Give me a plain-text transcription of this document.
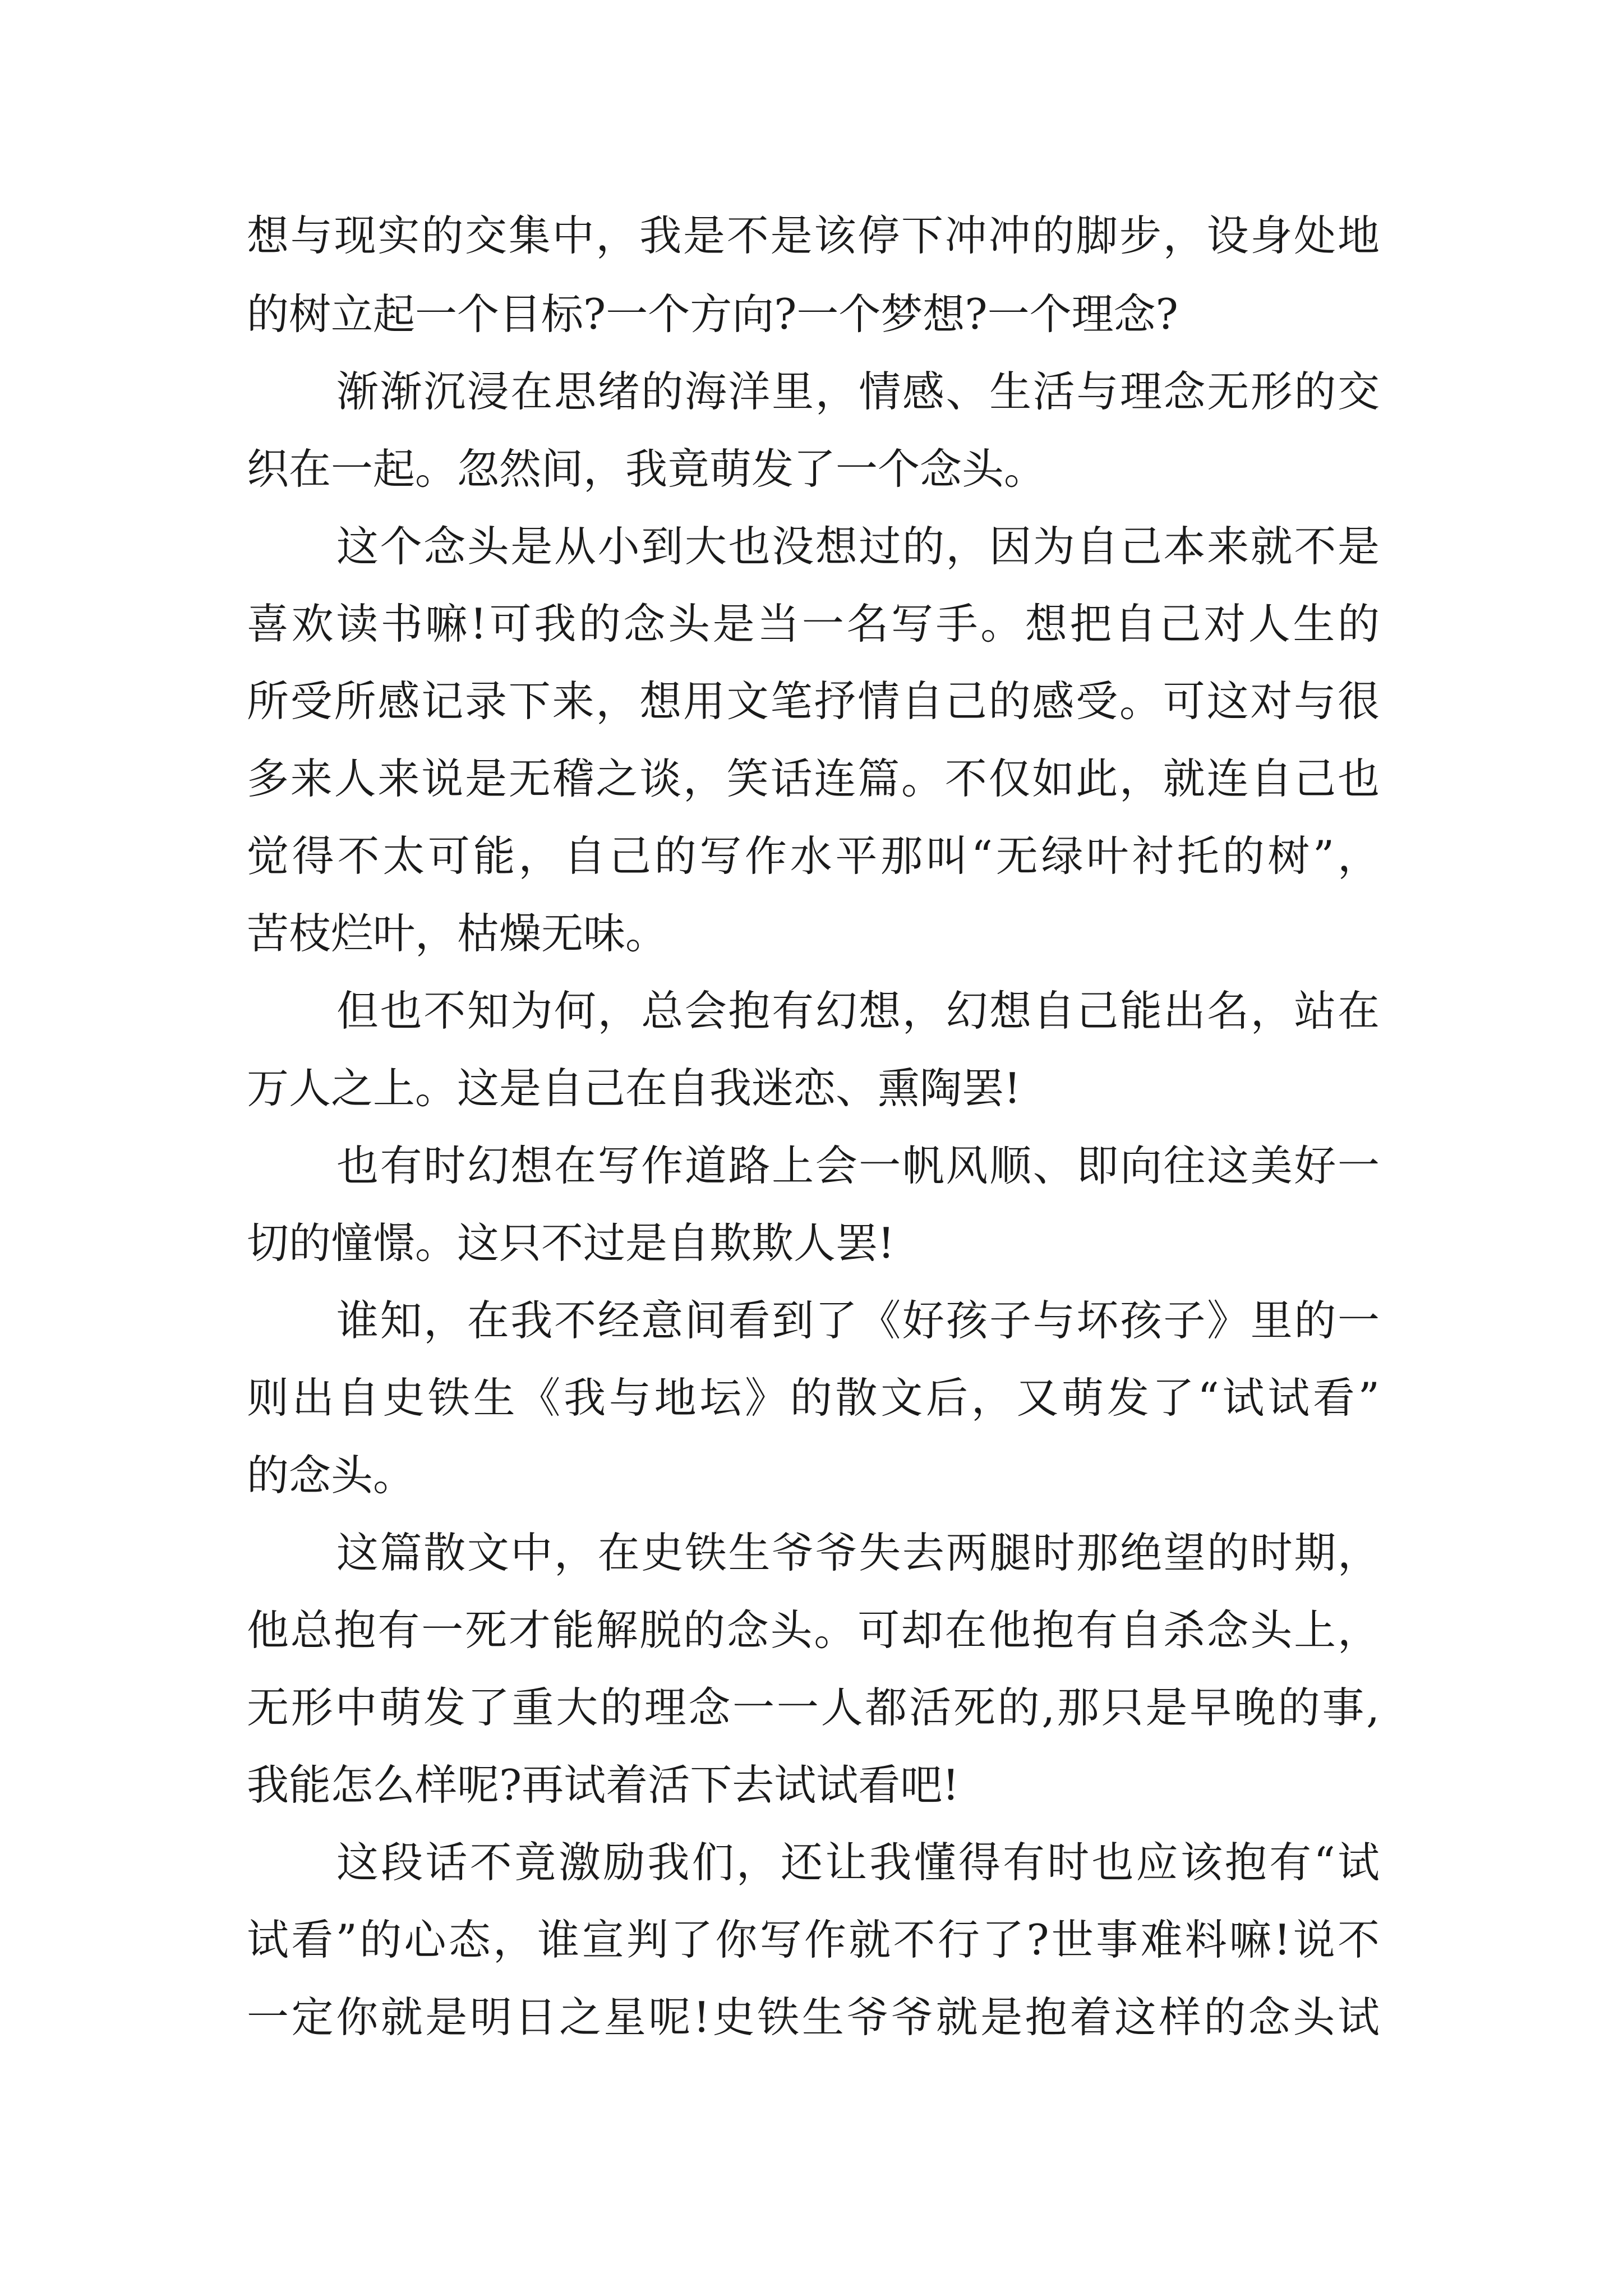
想与现实的交集中，我是不是该停下冲冲的脚步，设身处地
的树立起一个目标?一个方向?一个梦想?一个理念?
渐渐沉浸在思绪的海洋里，情感、生活与理念无形的交
织在一起。忽然间，我竟萌发了一个念头。
这个念头是从小到大也没想过的，因为自己本来就不是
喜欢读书嘛!可我的念头是当一名写手。想把自己对人生的
所受所感记录下来，想用文笔抒情自己的感受。可这对与很
多来人来说是无稽之谈，笑话连篇。不仅如此，就连自己也
觉得不太可能，自己的写作水平那叫“无绿叶衬托的树”，
苦枝烂叶，枯燥无味。
但也不知为何，总会抱有幻想，幻想自己能出名，站在
万人之上。这是自己在自我迷恋、熏陶罢!
也有时幻想在写作道路上会一帆风顺、即向往这美好一
切的憧憬。这只不过是自欺欺人罢!
谁知，在我不经意间看到了《好孩子与坏孩子》里的一
则出自史铁生《我与地坛》的散文后，又萌发了“试试看”
的念头。
这篇散文中，在史铁生爷爷失去两腿时那绝望的时期，
他总抱有一死才能解脱的念头。可却在他抱有自杀念头上，
无形中萌发了重大的理念一一人都活死的,那只是早晚的事,
我能怎么样呢?再试着活下去试试看吧!
这段话不竟激励我们，还让我懂得有时也应该抱有“试
试看”的心态，谁宣判了你写作就不行了?世事难料嘛!说不
一定你就是明日之星呢!史铁生爷爷就是抱着这样的念头试
